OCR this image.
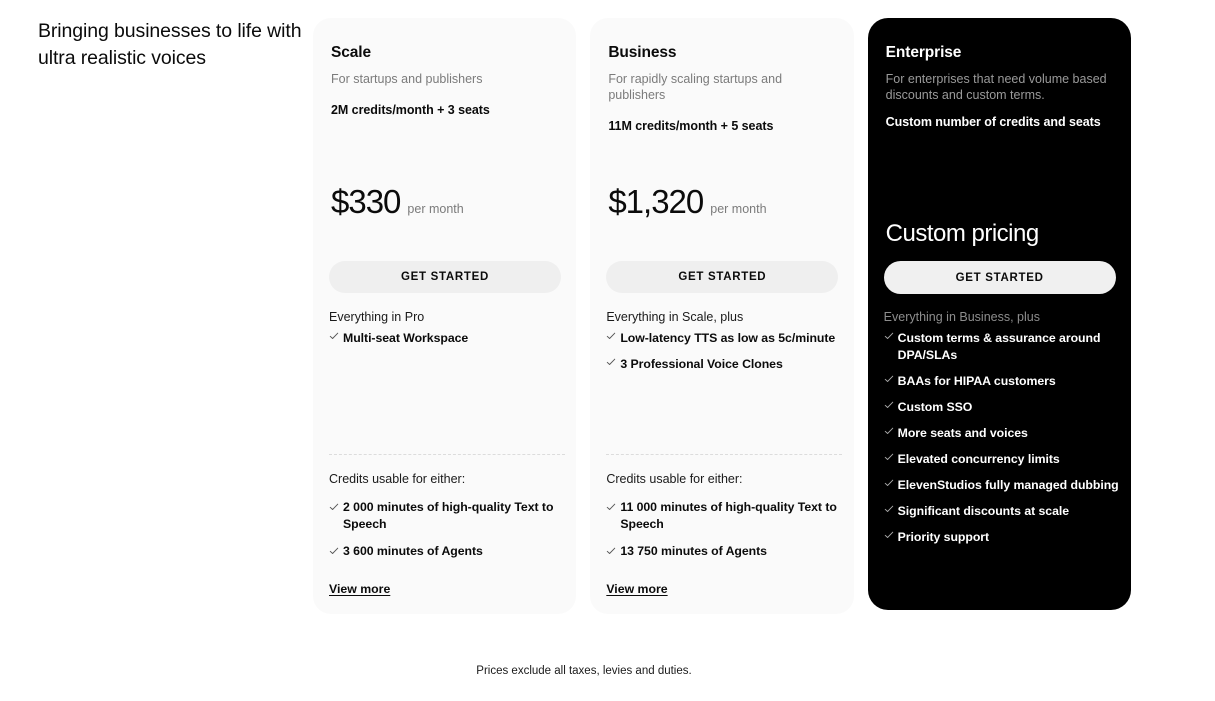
Bringing businesses to life with ultra realistic voices	Scale
For startups and publishers
2M credits/month + 3 seats
$330 per month
GET STARTED
Everything in Pro
Multi-seat Workspace
Credits usable for either:
2 000 minutes of high-quality Text to Speech
3 600 minutes of Agents
View more
Business
For rapidly scaling startups and publishers
11M credits/month + 5 seats
$1,320 per month
GET STARTED
Everything in Scale, plus
Low-latency TTS as low as 5c/minute
3 Professional Voice Clones
Credits usable for either:
11 000 minutes of high-quality Text to Speech
13 750 minutes of Agents
View more
Enterprise
For enterprises that need volume based discounts and custom terms.
Custom number of credits and seats
Custom pricing
GET STARTED
Everything in Business, plus
Custom terms & assurance around DPA/SLAs
BAAs for HIPAA customers
Custom SSO
More seats and voices
Elevated concurrency limits
ElevenStudios fully managed dubbing
Significant discounts at scale
Priority support
Prices exclude all taxes, levies and duties.
